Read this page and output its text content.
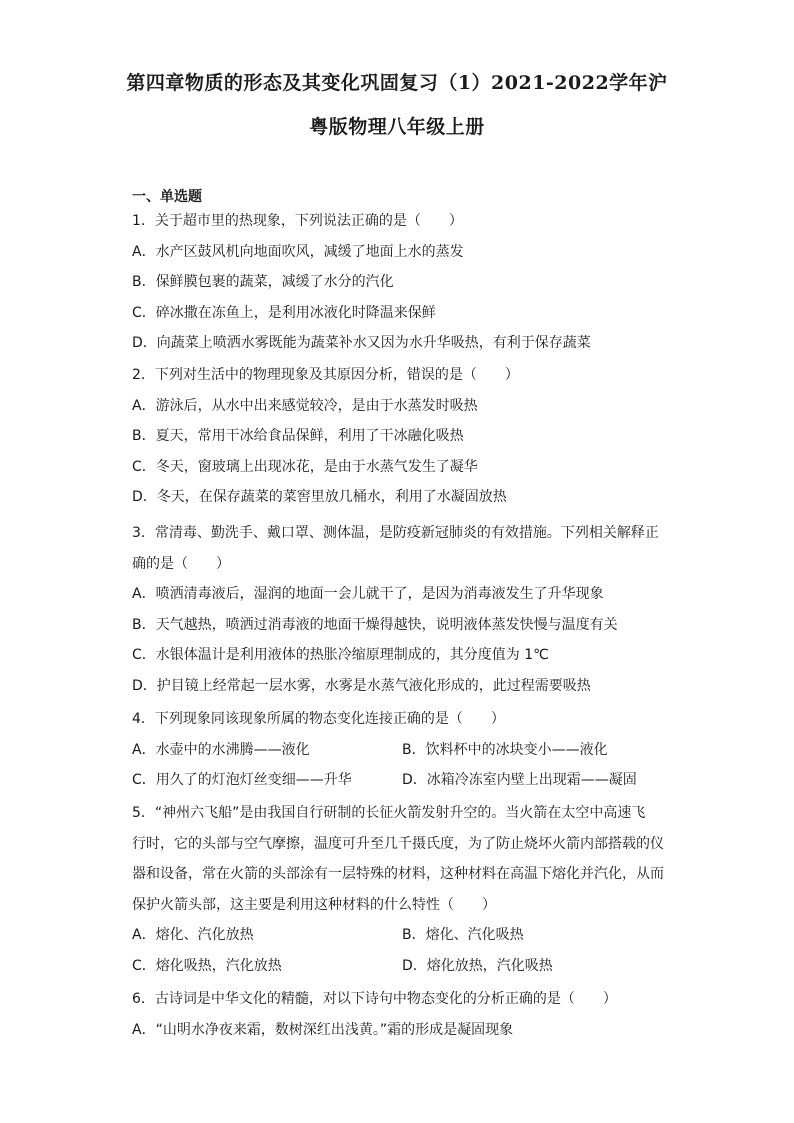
第四章物质的形态及其变化巩固复习（1）2021-2022学年沪
粤版物理八年级上册
一、单选题
1．关于超市里的热现象，下列说法正确的是（　　）
A．水产区鼓风机向地面吹风，减缓了地面上水的蒸发
B．保鲜膜包裹的蔬菜，减缓了水分的汽化
C．碎冰撒在冻鱼上，是利用冰液化时降温来保鲜
D．向蔬菜上喷洒水雾既能为蔬菜补水又因为水升华吸热，有利于保存蔬菜
2．下列对生活中的物理现象及其原因分析，错误的是（　　）
A．游泳后，从水中出来感觉较冷，是由于水蒸发时吸热
B．夏天，常用干冰给食品保鲜，利用了干冰融化吸热
C．冬天，窗玻璃上出现冰花，是由于水蒸气发生了凝华
D．冬天，在保存蔬菜的菜窖里放几桶水，利用了水凝固放热
3．常清毒、勤洗手、戴口罩、测体温，是防疫新冠肺炎的有效措施。下列相关解释正
确的是（　　）
A．喷洒清毒液后，湿润的地面一会儿就干了，是因为消毒液发生了升华现象
B．天气越热，喷洒过消毒液的地面干燥得越快，说明液体蒸发快慢与温度有关
C．水银体温计是利用液体的热胀冷缩原理制成的，其分度值为 1℃
D．护目镜上经常起一层水雾，水雾是水蒸气液化形成的，此过程需要吸热
4．下列现象同该现象所属的物态变化连接正确的是（　　）
A．水壶中的水沸腾——液化	B．饮料杯中的冰块变小——液化
C．用久了的灯泡灯丝变细——升华	D．冰箱冷冻室内壁上出现霜——凝固
5．“神州六飞船”是由我国自行研制的长征火箭发射升空的。当火箭在太空中高速飞
行时，它的头部与空气摩擦，温度可升至几千摄氏度，为了防止烧坏火箭内部搭载的仪
器和设备，常在火箭的头部涂有一层特殊的材料，这种材料在高温下熔化并汽化，从而
保护火箭头部，这主要是利用这种材料的什么特性（　　）
A．熔化、汽化放热	B．熔化、汽化吸热
C．熔化吸热，汽化放热	D．熔化放热，汽化吸热
6．古诗词是中华文化的精髓，对以下诗句中物态变化的分析正确的是（　　）
A．“山明水净夜来霜，数树深红出浅黄。”霜的形成是凝固现象
